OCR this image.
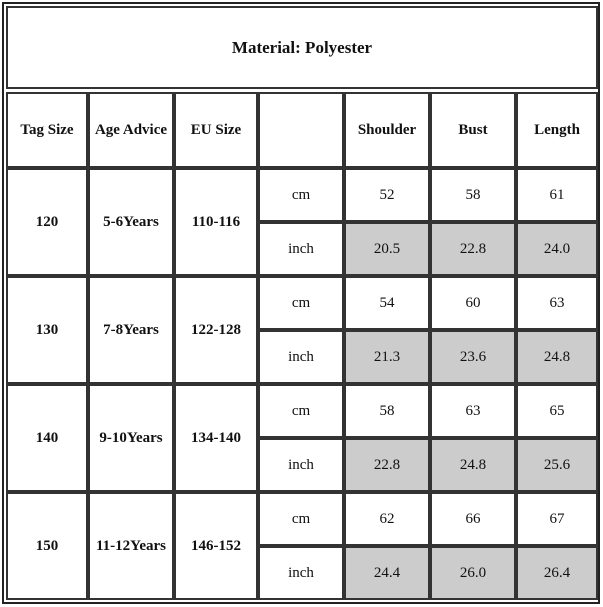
Material: Polyester
Tag Size	Age Advice	EU Size		Shoulder	Bust	Length
120	5-6Years	110-116	cm	52	58	61
			inch	20.5	22.8	24.0
130	7-8Years	122-128	cm	54	60	63
			inch	21.3	23.6	24.8
140	9-10Years	134-140	cm	58	63	65
			inch	22.8	24.8	25.6
150	11-12Years	146-152	cm	62	66	67
			inch	24.4	26.0	26.4
